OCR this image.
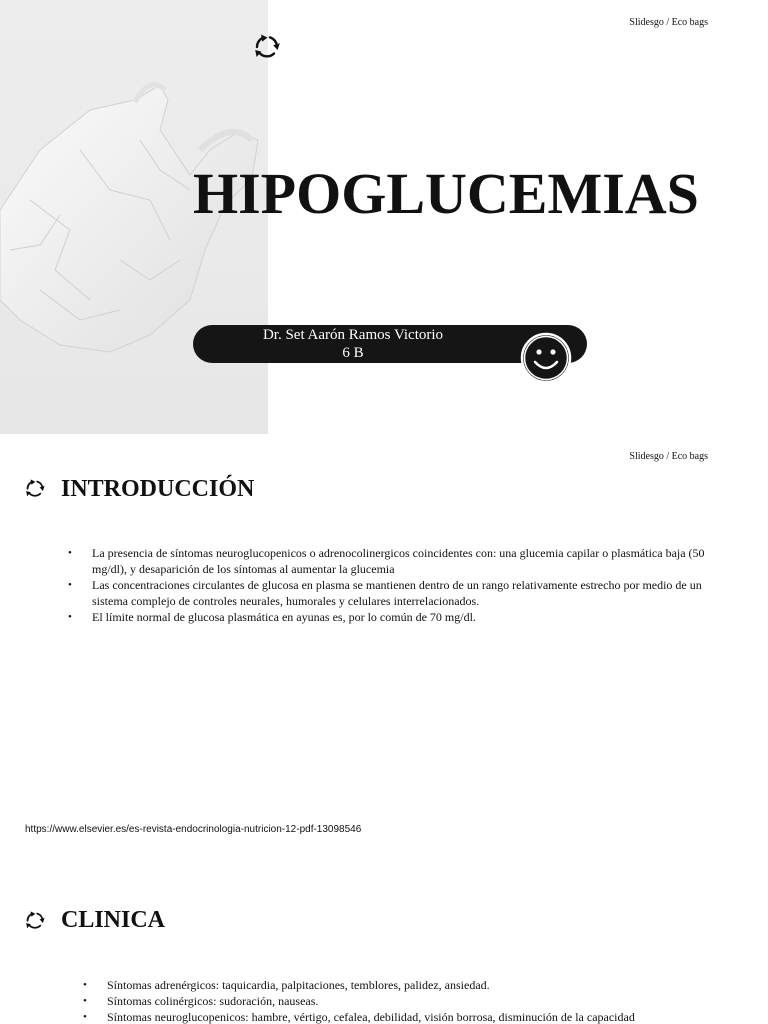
Slidesgo / Eco bags
HIPOGLUCEMIAS
Dr. Set Aarón Ramos Victorio
6 B
Slidesgo / Eco bags
INTRODUCCIÓN
• La presencia de síntomas neuroglucopenicos o adrenocolinergicos coincidentes con: una glucemia capilar o plasmática baja (50 mg/dl), y desaparición de los síntomas al aumentar la glucemia
• Las concentraciones circulantes de glucosa en plasma se mantienen dentro de un rango relativamente estrecho por medio de un sistema complejo de controles neurales, humorales y celulares interrelacionados.
• El límite normal de glucosa plasmática en ayunas es, por lo común de 70 mg/dl.
https://www.elsevier.es/es-revista-endocrinologia-nutricion-12-pdf-13098546
CLINICA
• Síntomas adrenérgicos: taquicardia, palpitaciones, temblores, palidez, ansiedad.
• Síntomas colinérgicos: sudoración, nauseas.
• Síntomas neuroglucopenicos: hambre, vértigo, cefalea, debilidad, visión borrosa, disminución de la capacidad
